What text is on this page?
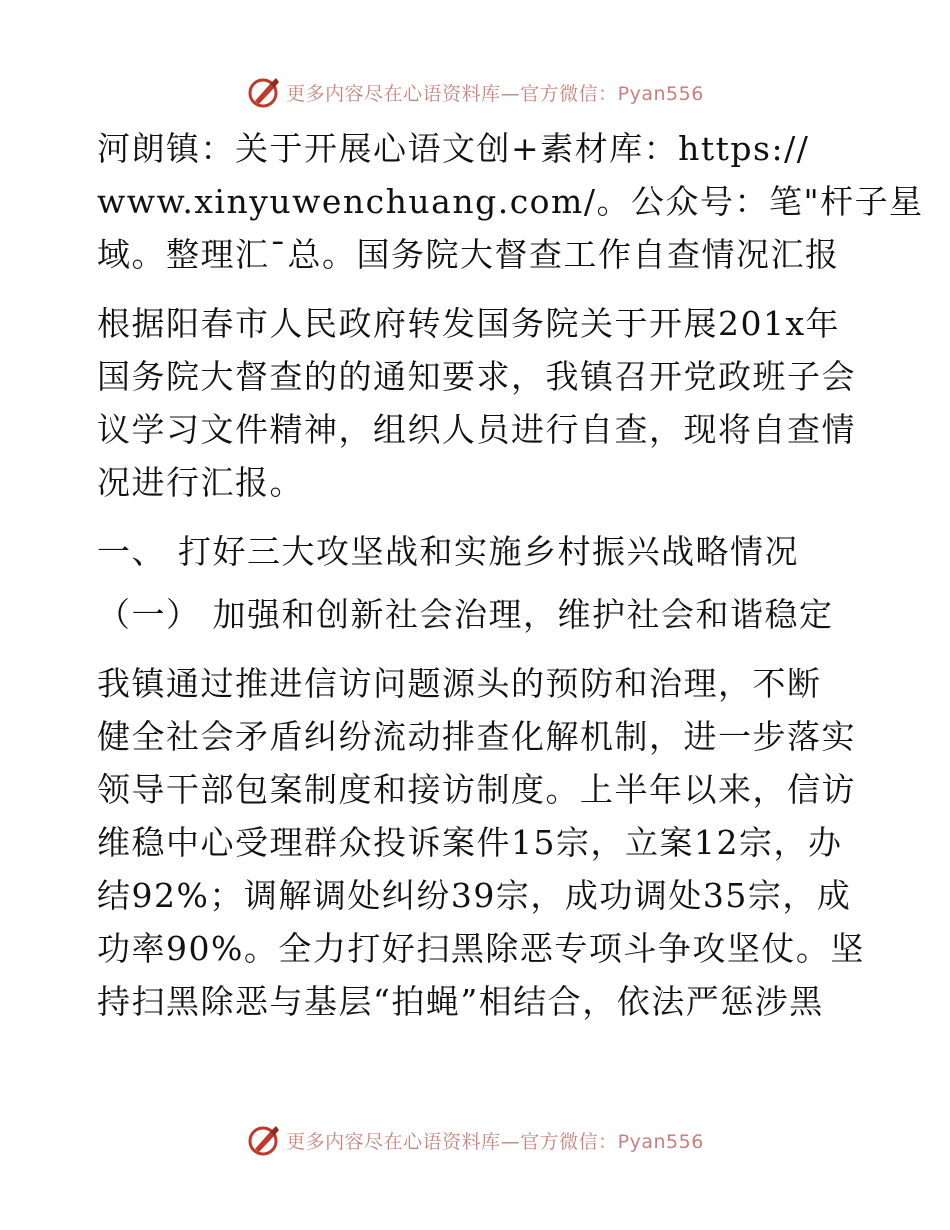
更多内容尽在心语资料库—官方微信：Pyan556

河朗镇：关于开展心语文创+素材库：https://

www.xinyuwenchuang.com/。公众号：笔"杆子星

域。整理汇¯总。国务院大督查工作自查情况汇报

根据阳春市人民政府转发国务院关于开展201x年

国务院大督查的的通知要求，我镇召开党政班子会

议学习文件精神，组织人员进行自查，现将自查情

况进行汇报。

一、 打好三大攻坚战和实施乡村振兴战略情况

（一） 加强和创新社会治理，维护社会和谐稳定

我镇通过推进信访问题源头的预防和治理，不断

健全社会矛盾纠纷流动排查化解机制，进一步落实

领导干部包案制度和接访制度。上半年以来，信访

维稳中心受理群众投诉案件15宗，立案12宗，办

结92%；调解调处纠纷39宗，成功调处35宗，成

功率90%。全力打好扫黑除恶专项斗争攻坚仗。坚

持扫黑除恶与基层“拍蝇”相结合，依法严惩涉黑

更多内容尽在心语资料库—官方微信：Pyan556
